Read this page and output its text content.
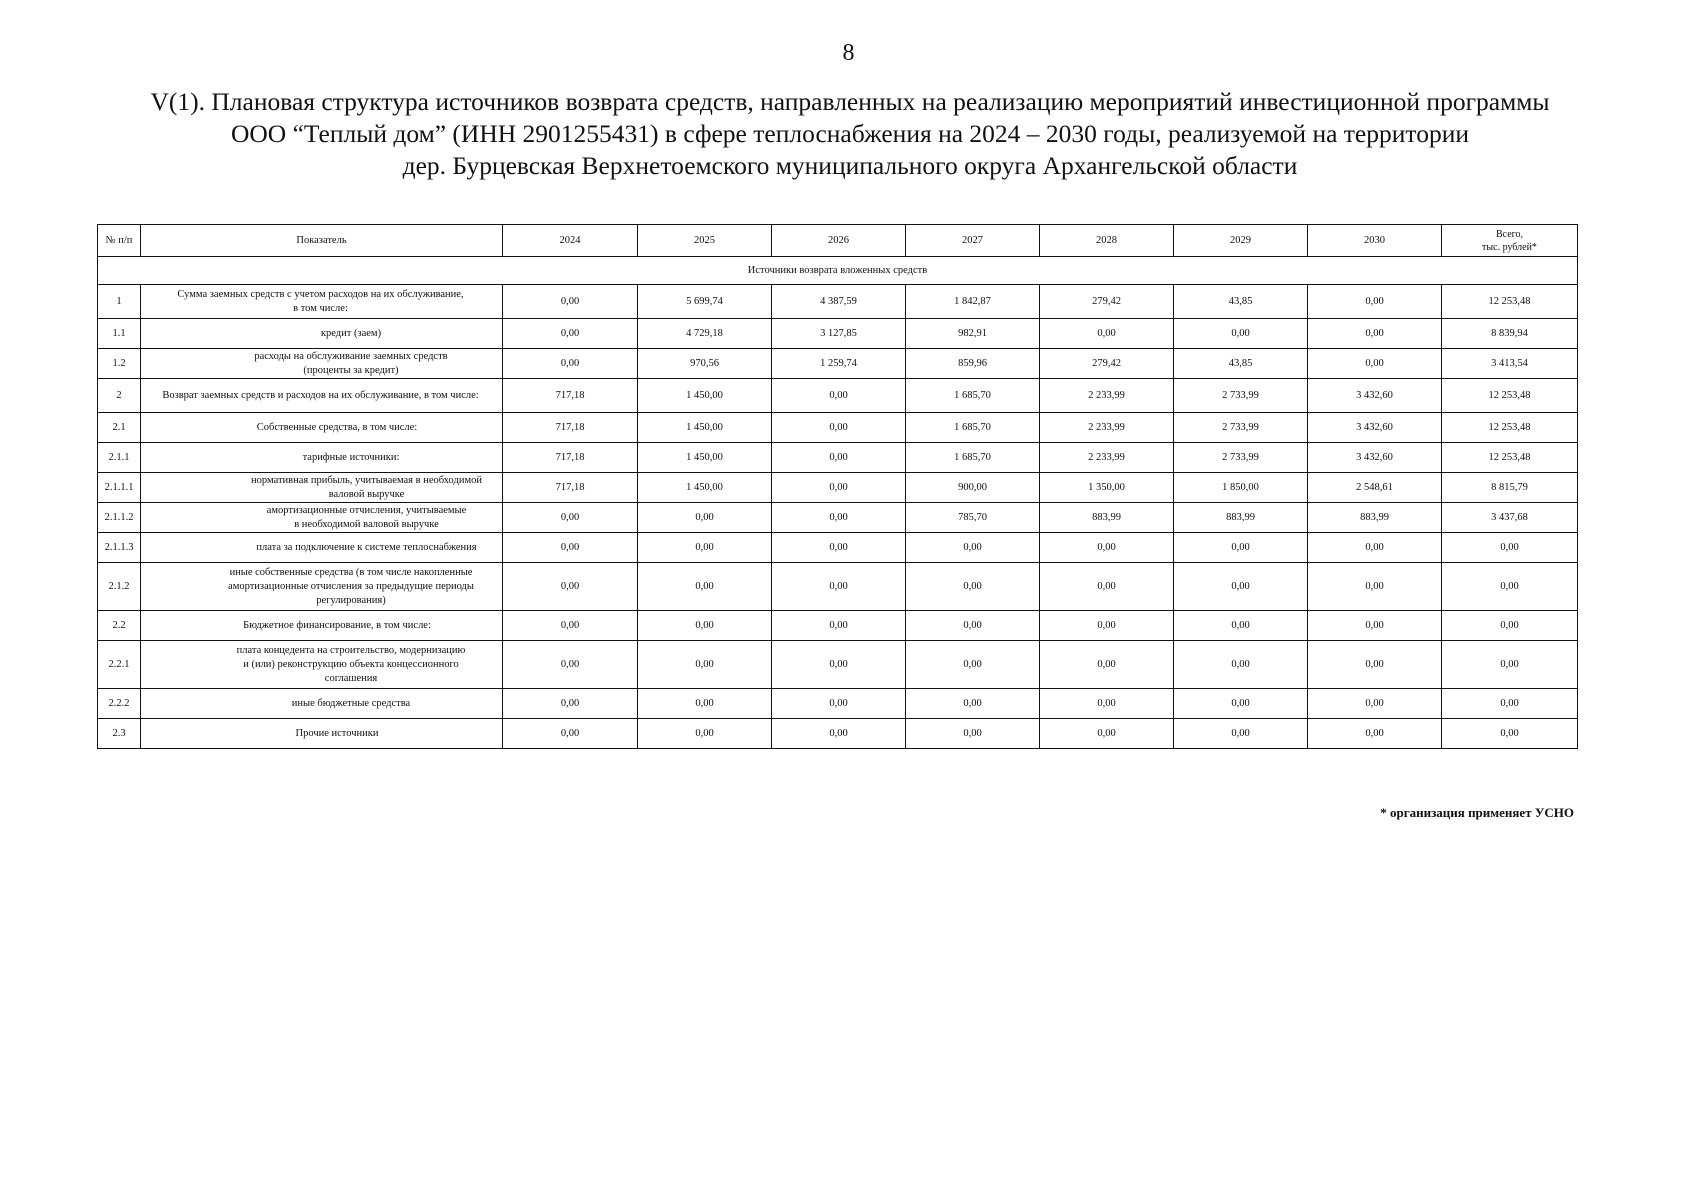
8
V(1). Плановая структура источников возврата средств, направленных на реализацию мероприятий инвестиционной программы
ООО “Теплый дом” (ИНН 2901255431) в сфере теплоснабжения на 2024 – 2030 годы, реализуемой на территории
дер. Бурцевская Верхнетоемского муниципального округа Архангельской области
№ п/п	Показатель	2024	2025	2026	2027	2028	2029	2030	Всего,
тыс. рублей*
Источники возврата вложенных средств									
1	Сумма заемных средств с учетом расходов на их обслуживание,
в том числе:	0,00	5 699,74	4 387,59	1 842,87	279,42	43,85	0,00	12 253,48
1.1	кредит (заем)	0,00	4 729,18	3 127,85	982,91	0,00	0,00	0,00	8 839,94
1.2	расходы на обслуживание заемных средств
(проценты за кредит)	0,00	970,56	1 259,74	859,96	279,42	43,85	0,00	3 413,54
2	Возврат заемных средств и расходов на их обслуживание, в том числе:	717,18	1 450,00	0,00	1 685,70	2 233,99	2 733,99	3 432,60	12 253,48
2.1	Собственные средства, в том числе:	717,18	1 450,00	0,00	1 685,70	2 233,99	2 733,99	3 432,60	12 253,48
2.1.1	тарифные источники:	717,18	1 450,00	0,00	1 685,70	2 233,99	2 733,99	3 432,60	12 253,48
2.1.1.1	нормативная прибыль, учитываемая в необходимой
валовой выручке	717,18	1 450,00	0,00	900,00	1 350,00	1 850,00	2 548,61	8 815,79
2.1.1.2	амортизационные отчисления, учитываемые
в необходимой валовой выручке	0,00	0,00	0,00	785,70	883,99	883,99	883,99	3 437,68
2.1.1.3	плата за подключение к системе теплоснабжения	0,00	0,00	0,00	0,00	0,00	0,00	0,00	0,00
2.1.2	иные собственные средства (в том числе накопленные
амортизационные отчисления за предыдущие периоды
регулирования)	0,00	0,00	0,00	0,00	0,00	0,00	0,00	0,00
2.2	Бюджетное финансирование, в том числе:	0,00	0,00	0,00	0,00	0,00	0,00	0,00	0,00
2.2.1	плата концедента на строительство, модернизацию
и (или) реконструкцию объекта концессионного
соглашения	0,00	0,00	0,00	0,00	0,00	0,00	0,00	0,00
2.2.2	иные бюджетные средства	0,00	0,00	0,00	0,00	0,00	0,00	0,00	0,00
2.3	Прочие источники	0,00	0,00	0,00	0,00	0,00	0,00	0,00	0,00
* организация применяет УСНО
